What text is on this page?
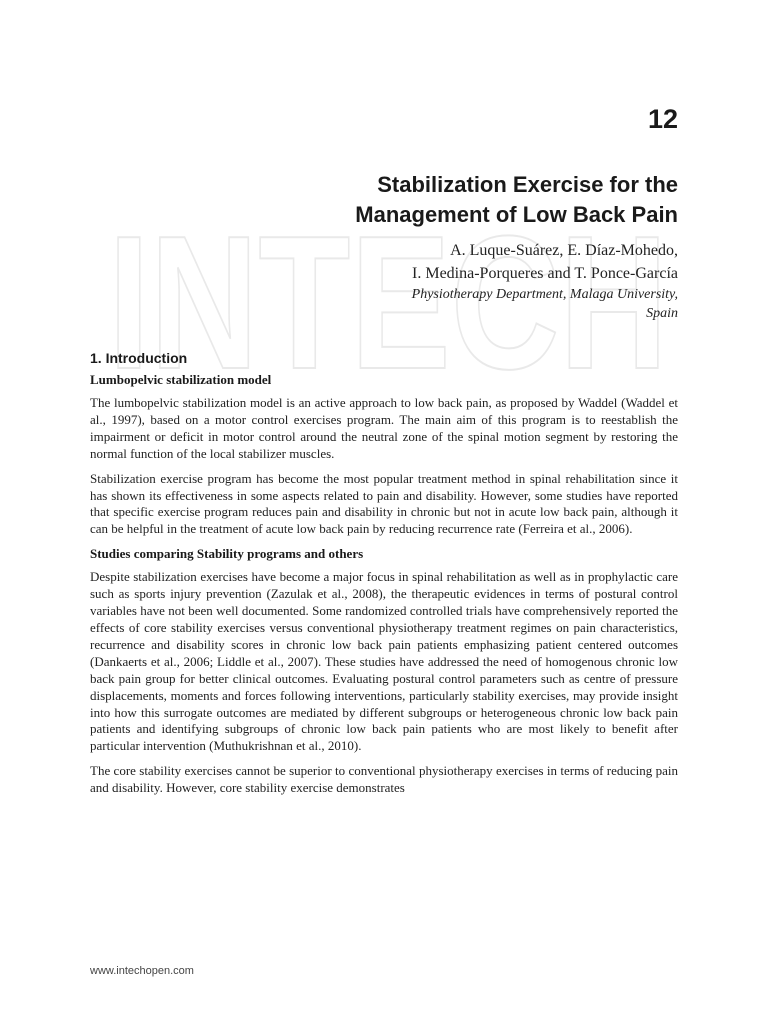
INTECH
12
Stabilization Exercise for the
Management of Low Back Pain
A. Luque-Suárez, E. Díaz-Mohedo,
I. Medina-Porqueres and T. Ponce-García
Physiotherapy Department, Malaga University,
Spain
1. Introduction
Lumbopelvic stabilization model

The lumbopelvic stabilization model is an active approach to low back pain, as proposed by Waddel (Waddel et al., 1997), based on a motor control exercises program. The main aim of this program is to reestablish the impairment or deficit in motor control around the neutral zone of the spinal motion segment by restoring the normal function of the local stabilizer muscles.

Stabilization exercise program has become the most popular treatment method in spinal rehabilitation since it has shown its effectiveness in some aspects related to pain and disability. However, some studies have reported that specific exercise program reduces pain and disability in chronic but not in acute low back pain, although it can be helpful in the treatment of acute low back pain by reducing recurrence rate (Ferreira et al., 2006).

Studies comparing Stability programs and others

Despite stabilization exercises have become a major focus in spinal rehabilitation as well as in prophylactic care such as sports injury prevention (Zazulak et al., 2008), the therapeutic evidences in terms of postural control variables have not been well documented. Some randomized controlled trials have comprehensively reported the effects of core stability exercises versus conventional physiotherapy treatment regimes on pain characteristics, recurrence and disability scores in chronic low back pain patients emphasizing patient centered outcomes (Dankaerts et al., 2006; Liddle et al., 2007). These studies have addressed the need of homogenous chronic low back pain group for better clinical outcomes. Evaluating postural control parameters such as centre of pressure displacements, moments and forces following interventions, particularly stability exercises, may provide insight into how this surrogate outcomes are mediated by different subgroups or heterogeneous chronic low back pain patients and identifying subgroups of chronic low back pain patients who are most likely to benefit after particular intervention (Muthukrishnan et al., 2010).

The core stability exercises cannot be superior to conventional physiotherapy exercises in terms of reducing pain and disability. However, core stability exercise demonstrates

www.intechopen.com
